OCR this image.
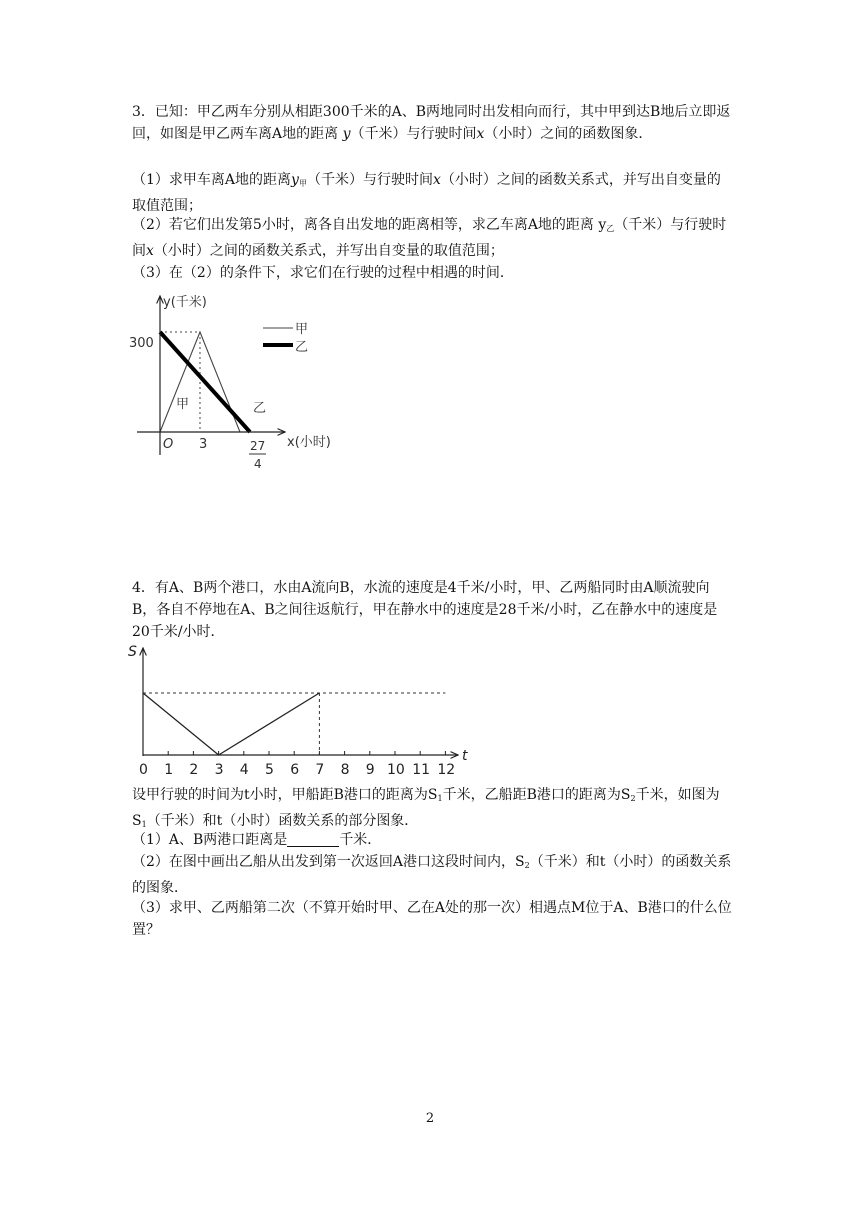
3．已知：甲乙两车分别从相距300千米的A、B两地同时出发相向而行，其中甲到达B地后立即返回，如图是甲乙两车离A地的距离 y（千米）与行驶时间x（小时）之间的函数图象．

（1）求甲车离A地的距离$y_甲$（千米）与行驶时间x（小时）之间的函数关系式，并写出自变量的取值范围；

（2）若它们出发第5小时，离各自出发地的距离相等，求乙车离A地的距离 $y_乙$（千米）与行驶时间x（小时）之间的函数关系式，并写出自变量的取值范围；

（3）在（2）的条件下，求它们在行驶的过程中相遇的时间．

y(千米)
x(小时)
O
300
3	27
4
甲
乙
甲	乙

4．有A、B两个港口，水由A流向B，水流的速度是4千米/小时，甲、乙两船同时由A顺流驶向B，各自不停地在A、B之间往返航行，甲在静水中的速度是28千米/小时，乙在静水中的速度是20千米/小时．

0 1 2 3 4 5 6 7 8 9 10 11 12
S
t

设甲行驶的时间为t小时，甲船距B港口的距离为$S_1$千米，乙船距B港口的距离为$S_2$千米，如图为$S_1$（千米）和t（小时）函数关系的部分图象．

（1）A、B两港口距离是	千米．

（2）在图中画出乙船从出发到第一次返回A港口这段时间内，$S_2$（千米）和t（小时）的函数关系的图象．

（3）求甲、乙两船第二次（不算开始时甲、乙在A处的那一次）相遇点M位于A、B港口的什么位置？

2
